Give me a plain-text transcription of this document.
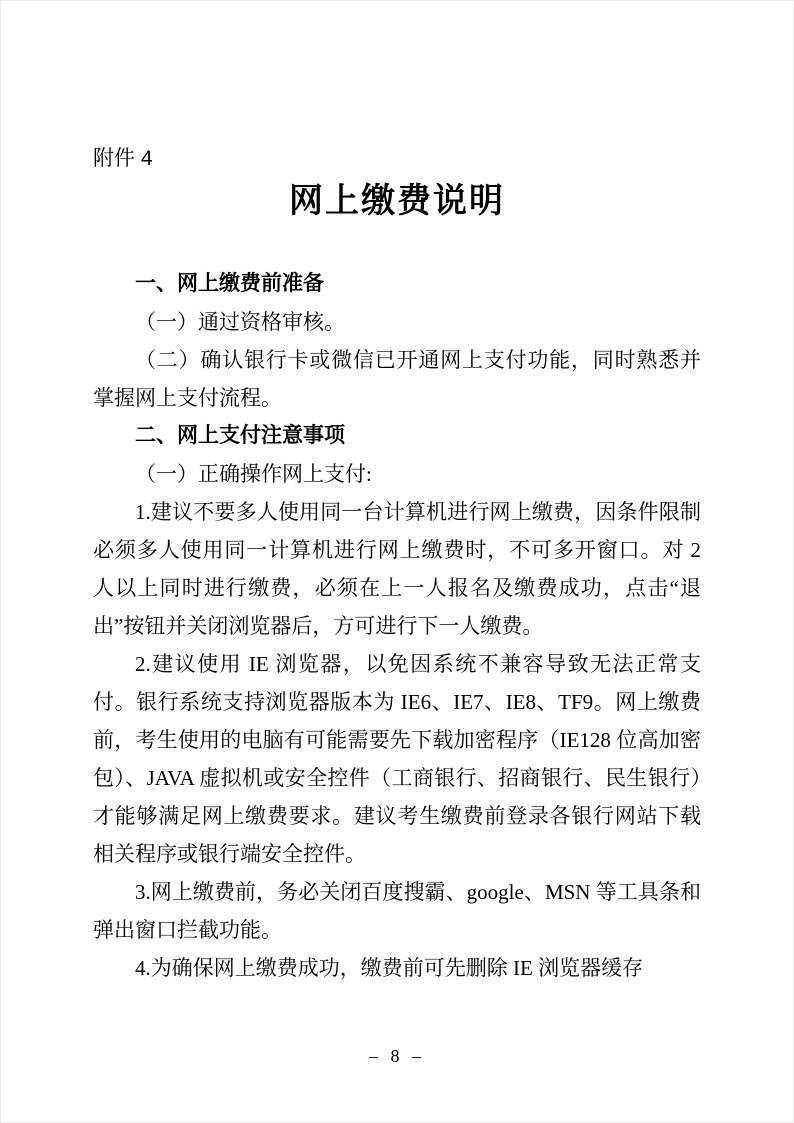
附件 4
网上缴费说明

一、网上缴费前准备

（一）通过资格审核。

（二）确认银行卡或微信已开通网上支付功能，同时熟悉并掌握网上支付流程。

二、网上支付注意事项

（一）正确操作网上支付:

1.建议不要多人使用同一台计算机进行网上缴费，因条件限制必须多人使用同一计算机进行网上缴费时，不可多开窗口。对 2 人以上同时进行缴费，必须在上一人报名及缴费成功，点击“退出”按钮并关闭浏览器后，方可进行下一人缴费。

2.建议使用 IE 浏览器，以免因系统不兼容导致无法正常支付。银行系统支持浏览器版本为 IE6、IE7、IE8、TF9。网上缴费前，考生使用的电脑有可能需要先下载加密程序（IE128 位高加密包）、JAVA 虚拟机或安全控件（工商银行、招商银行、民生银行）才能够满足网上缴费要求。建议考生缴费前登录各银行网站下载相关程序或银行端安全控件。

3.网上缴费前，务必关闭百度搜霸、google、MSN 等工具条和弹出窗口拦截功能。

4.为确保网上缴费成功，缴费前可先删除 IE 浏览器缓存

– 8 –
